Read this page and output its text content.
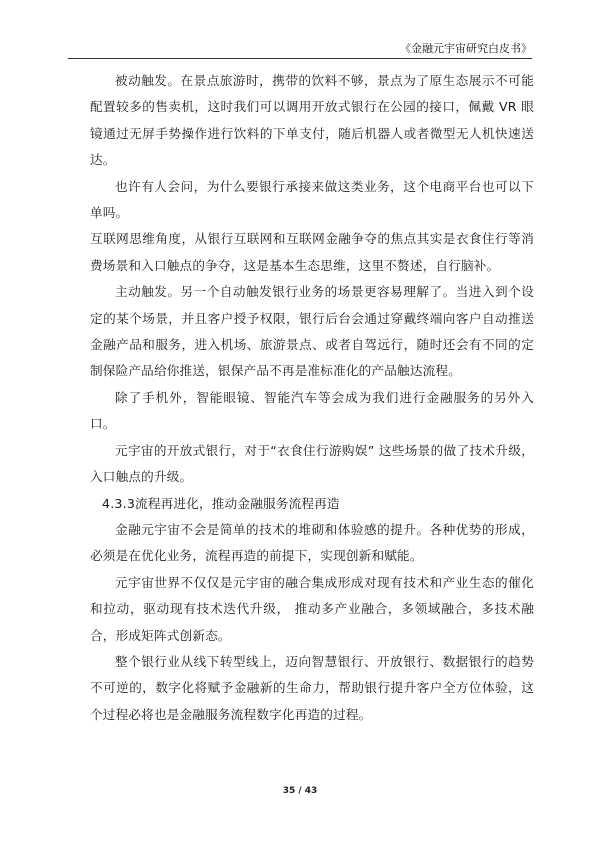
《金融元宇宙研究白皮书》

被动触发。在景点旅游时，携带的饮料不够，景点为了原生态展示不可能配置较多的售卖机，这时我们可以调用开放式银行在公园的接口，佩戴 VR 眼镜通过无屏手势操作进行饮料的下单支付，随后机器人或者微型无人机快速送达。

也许有人会问，为什么要银行承接来做这类业务，这个电商平台也可以下单吗。

互联网思维角度，从银行互联网和互联网金融争夺的焦点其实是衣食住行等消费场景和入口触点的争夺，这是基本生态思维，这里不赘述，自行脑补。

主动触发。另一个自动触发银行业务的场景更容易理解了。当进入到个设定的某个场景，并且客户授予权限，银行后台会通过穿戴终端向客户自动推送金融产品和服务，进入机场、旅游景点、或者自驾远行，随时还会有不同的定制保险产品给你推送，银保产品不再是准标准化的产品触达流程。

除了手机外，智能眼镜、智能汽车等会成为我们进行金融服务的另外入口。

元宇宙的开放式银行，对于“衣食住行游购娱” 这些场景的做了技术升级，入口触点的升级。

4.3.3流程再进化，推动金融服务流程再造

金融元宇宙不会是简单的技术的堆砌和体验感的提升。各种优势的形成，必须是在优化业务，流程再造的前提下，实现创新和赋能。

元宇宙世界不仅仅是元宇宙的融合集成形成对现有技术和产业生态的催化和拉动，驱动现有技术迭代升级， 推动多产业融合，多领域融合，多技术融合，形成矩阵式创新态。

整个银行业从线下转型线上，迈向智慧银行、开放银行、数据银行的趋势不可逆的，数字化将赋予金融新的生命力，帮助银行提升客户全方位体验，这个过程必将也是金融服务流程数字化再造的过程。

35 / 43
